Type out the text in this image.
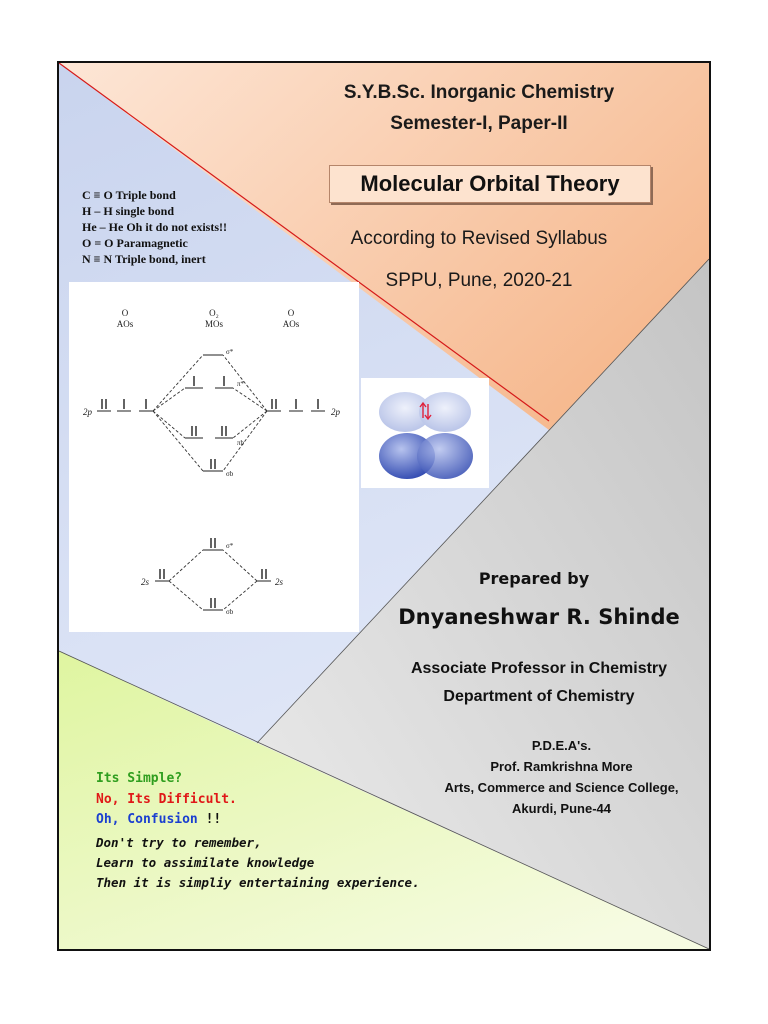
S.Y.B.Sc. Inorganic Chemistry
Semester-I, Paper-II
Molecular Orbital Theory
According to Revised Syllabus
SPPU, Pune, 2020-21
C ≡ O Triple bond
H – H single bond
He – He Oh it do not exists!!
O = O Paramagnetic
N ≡ N Triple bond, inert
O
AOs
O₂
MOs
O
AOs
2p	2p
2s	2s
σ*
π*
πb
σb
σ*
σb
Prepared by
Dnyaneshwar R. Shinde
Associate Professor in Chemistry
Department of Chemistry
P.D.E.A's.
Prof. Ramkrishna More
Arts, Commerce and Science College,
Akurdi, Pune-44
Its Simple?
No, Its Difficult.
Oh, Confusion !!
Don't try to remember,
Learn to assimilate knowledge
Then it is simpliy entertaining experience.
